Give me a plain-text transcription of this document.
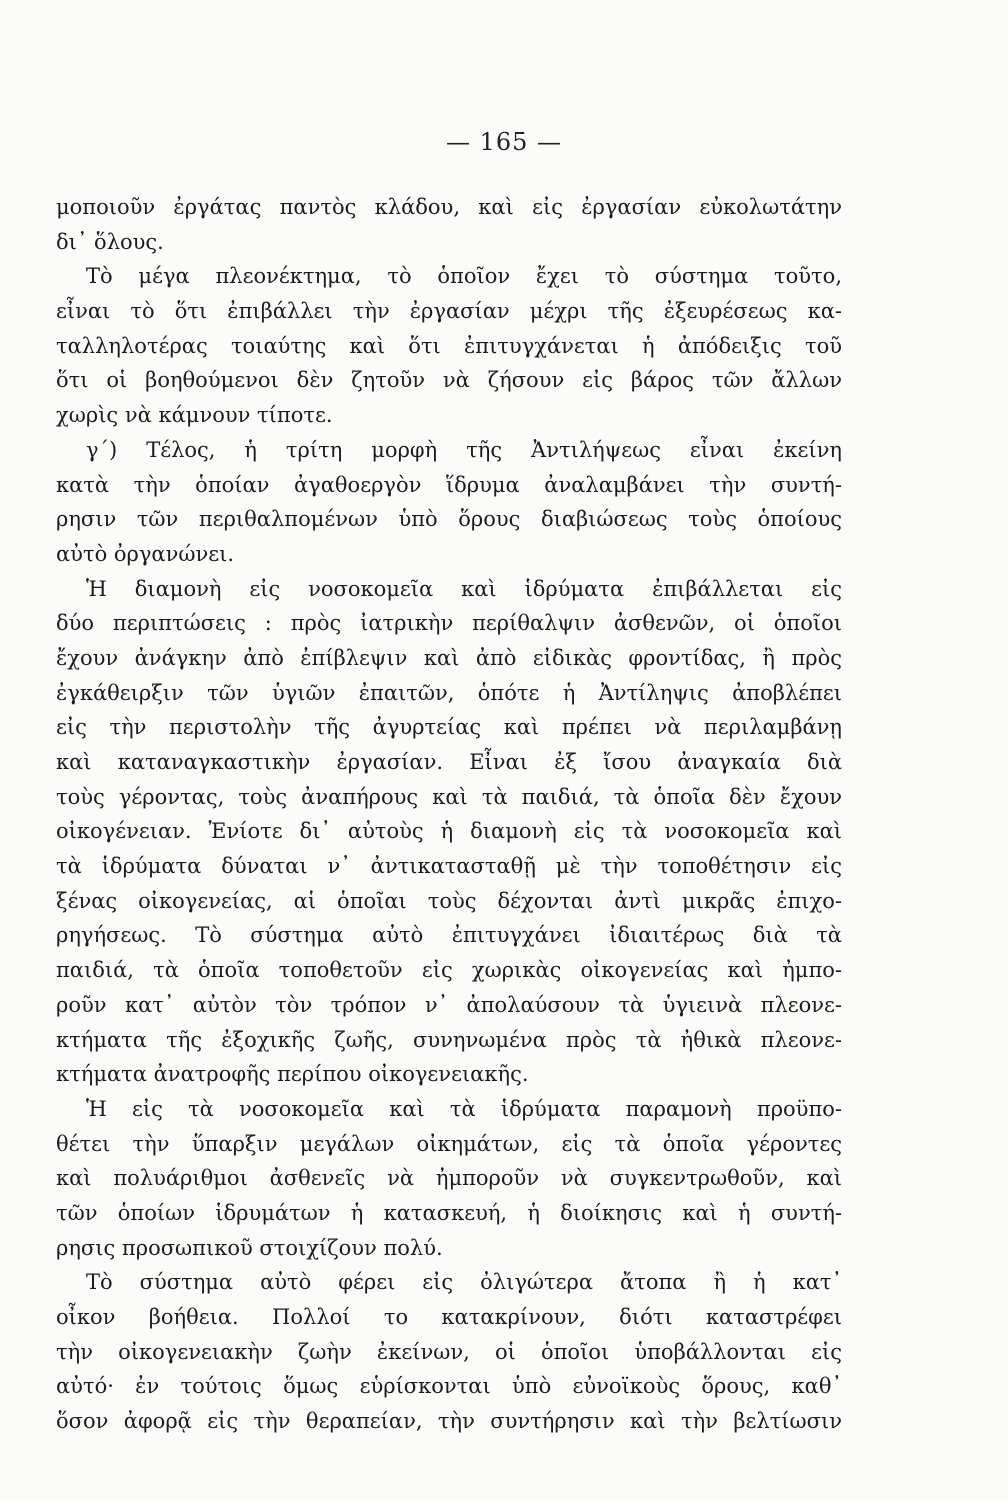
— 165 —
μοποιοῦν ἐργάτας παντὸς κλάδου, καὶ εἰς ἐργασίαν εὐκολωτάτην
δι᾽ ὅλους.
Τὸ μέγα πλεονέκτημα, τὸ ὁποῖον ἔχει τὸ σύστημα τοῦτο,
εἶναι τὸ ὅτι ἐπιβάλλει τὴν ἐργασίαν μέχρι τῆς ἐξευρέσεως κα-
ταλληλοτέρας τοιαύτης καὶ ὅτι ἐπιτυγχάνεται ἡ ἀπόδειξις τοῦ
ὅτι οἱ βοηθούμενοι δὲν ζητοῦν νὰ ζήσουν εἰς βάρος τῶν ἄλλων
χωρὶς νὰ κάμνουν τίποτε.
γ΄) Τέλος, ἡ τρίτη μορφὴ τῆς Ἀντιλήψεως εἶναι ἐκείνη
κατὰ τὴν ὁποίαν ἀγαθοεργὸν ἵδρυμα ἀναλαμβάνει τὴν συντή-
ρησιν τῶν περιθαλπομένων ὑπὸ ὅρους διαβιώσεως τοὺς ὁποίους
αὐτὸ ὀργανώνει.
Ἡ διαμονὴ εἰς νοσοκομεῖα καὶ ἱδρύματα ἐπιβάλλεται εἰς
δύο περιπτώσεις : πρὸς ἰατρικὴν περίθαλψιν ἀσθενῶν, οἱ ὁποῖοι
ἔχουν ἀνάγκην ἀπὸ ἐπίβλεψιν καὶ ἀπὸ εἰδικὰς φροντίδας, ἢ πρὸς
ἐγκάθειρξιν τῶν ὑγιῶν ἐπαιτῶν, ὁπότε ἡ Ἀντίληψις ἀποβλέπει
εἰς τὴν περιστολὴν τῆς ἀγυρτείας καὶ πρέπει νὰ περιλαμβάνῃ
καὶ καταναγκαστικὴν ἐργασίαν. Εἶναι ἐξ ἴσου ἀναγκαία διὰ
τοὺς γέροντας, τοὺς ἀναπήρους καὶ τὰ παιδιά, τὰ ὁποῖα δὲν ἔχουν
οἰκογένειαν. Ἐνίοτε δι᾽ αὐτοὺς ἡ διαμονὴ εἰς τὰ νοσοκομεῖα καὶ
τὰ ἱδρύματα δύναται ν᾽ ἀντικατασταθῇ μὲ τὴν τοποθέτησιν εἰς
ξένας οἰκογενείας, αἱ ὁποῖαι τοὺς δέχονται ἀντὶ μικρᾶς ἐπιχο-
ρηγήσεως. Τὸ σύστημα αὐτὸ ἐπιτυγχάνει ἰδιαιτέρως διὰ τὰ
παιδιά, τὰ ὁποῖα τοποθετοῦν εἰς χωρικὰς οἰκογενείας καὶ ἠμπο-
ροῦν κατ᾽ αὐτὸν τὸν τρόπον ν᾽ ἀπολαύσουν τὰ ὑγιεινὰ πλεονε-
κτήματα τῆς ἐξοχικῆς ζωῆς, συνηνωμένα πρὸς τὰ ἠθικὰ πλεονε-
κτήματα ἀνατροφῆς περίπου οἰκογενειακῆς.
Ἡ εἰς τὰ νοσοκομεῖα καὶ τὰ ἱδρύματα παραμονὴ προϋπο-
θέτει τὴν ὕπαρξιν μεγάλων οἰκημάτων, εἰς τὰ ὁποῖα γέροντες
καὶ πολυάριθμοι ἀσθενεῖς νὰ ἠμποροῦν νὰ συγκεντρωθοῦν, καὶ
τῶν ὁποίων ἱδρυμάτων ἡ κατασκευή, ἡ διοίκησις καὶ ἡ συντή-
ρησις προσωπικοῦ στοιχίζουν πολύ.
Τὸ σύστημα αὐτὸ φέρει εἰς ὀλιγώτερα ἄτοπα ἢ ἡ κατ᾽
οἶκον βοήθεια. Πολλοί το κατακρίνουν, διότι καταστρέφει
τὴν οἰκογενειακὴν ζωὴν ἐκείνων, οἱ ὁποῖοι ὑποβάλλονται εἰς
αὐτό· ἐν τούτοις ὅμως εὑρίσκονται ὑπὸ εὐνοϊκοὺς ὅρους, καθ᾽
ὅσον ἀφορᾷ εἰς τὴν θεραπείαν, τὴν συντήρησιν καὶ τὴν βελτίωσιν
